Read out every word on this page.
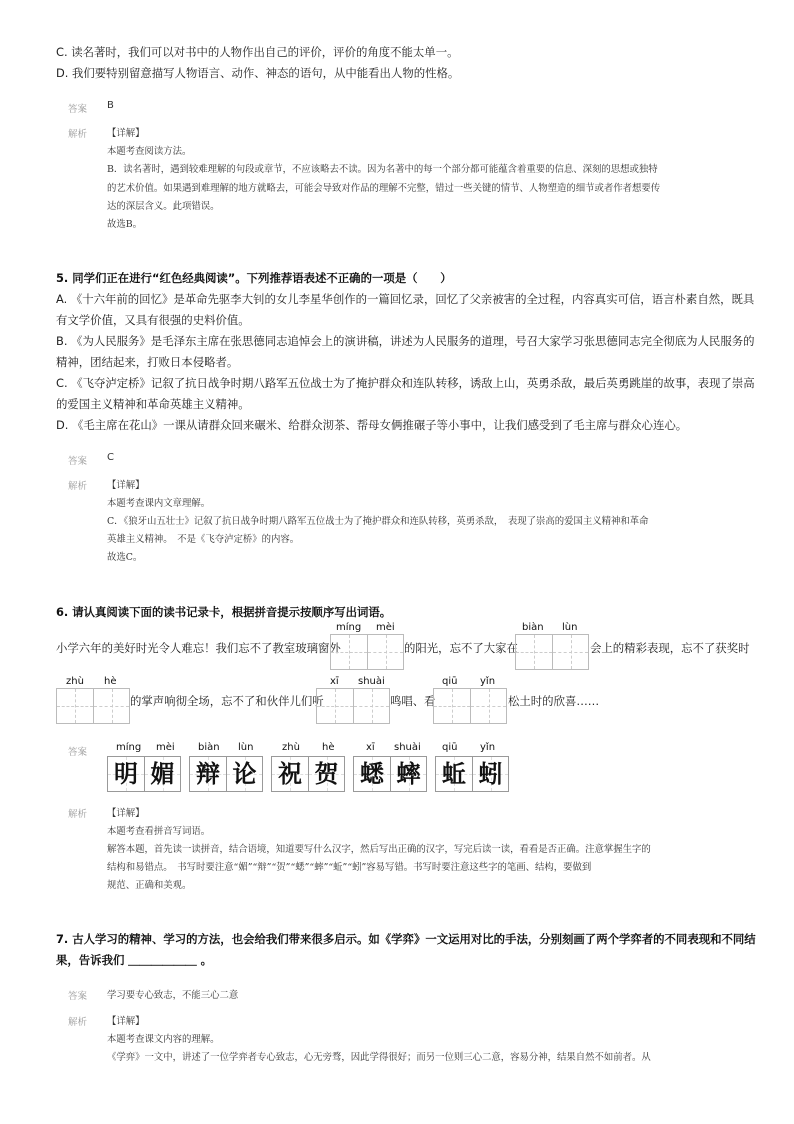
C. 读名著时，我们可以对书中的人物作出自己的评价，评价的角度不能太单一。
D. 我们要特别留意描写人物语言、动作、神态的语句，从中能看出人物的性格。
答案 B
解析 【详解】
本题考查阅读方法。
B．读名著时，遇到较难理解的句段或章节，不应该略去不读。因为名著中的每一个部分都可能蕴含着重要的信息、深刻的思想或独特
的艺术价值。如果遇到难理解的地方就略去，可能会导致对作品的理解不完整，错过一些关键的情节、人物塑造的细节或者作者想要传
达的深层含义。此项错误。
故选B。
5. 同学们正在进行“红色经典阅读”。下列推荐语表述不正确的一项是（　　）
A. 《十六年前的回忆》是革命先驱李大钊的女儿李星华创作的一篇回忆录，回忆了父亲被害的全过程，内容真实可信，语言朴素自然，既具
有文学价值，又具有很强的史料价值。
B. 《为人民服务》是毛泽东主席在张思德同志追悼会上的演讲稿，讲述为人民服务的道理，号召大家学习张思德同志完全彻底为人民服务的
精神，团结起来，打败日本侵略者。
C. 《飞夺泸定桥》记叙了抗日战争时期八路军五位战士为了掩护群众和连队转移，诱敌上山，英勇杀敌，最后英勇跳崖的故事，表现了崇高
的爱国主义精神和革命英雄主义精神。
D. 《毛主席在花山》一课从请群众回来碾米、给群众沏茶、帮母女俩推碾子等小事中，让我们感受到了毛主席与群众心连心。
答案 C
解析 【详解】
本题考查课内文章理解。
C．《狼牙山五壮士》记叙了抗日战争时期八路军五位战士为了掩护群众和连队转移，英勇杀敌，　表现了崇高的爱国主义精神和革命
英雄主义精神。　不是《飞夺泸定桥》的内容。
故选C。
6. 请认真阅读下面的读书记录卡，根据拼音提示按顺序写出词语。
míng mèi	biàn lùn
小学六年的美好时光令人难忘！我们忘不了教室玻璃窗外	的阳光，忘不了大家在	会上的精彩表现，忘不了获奖时
zhù hè	xī shuài	qiū yǐn
的掌声响彻全场，忘不了和伙伴儿们听	鸣唱、看	松土时的欣喜……
答案	míng mèi biàn lùn	zhù hè	xī shuài qiū yǐn
明 媚 辩 论 祝 贺 蟋 蟀 蚯 蚓
解析 【详解】
本题考查看拼音写词语。
解答本题，首先读一读拼音，结合语境，知道要写什么汉字，然后写出正确的汉字，写完后读一读，看看是否正确。注意掌握生字的
结构和易错点。　书写时要注意“媚”“辩”“贺”“蟋”“蟀”“蚯”“蚓”容易写错。书写时要注意这些字的笔画、结构，要做到
规范、正确和美观。
7. 古人学习的精神、学习的方法，也会给我们带来很多启示。如《学弈》一文运用对比的手法，分别刻画了两个学弈者的不同表现和不同结
果，告诉我们 ＿＿＿＿＿＿ 。
答案 学习要专心致志，不能三心二意
解析 【详解】
本题考查课文内容的理解。
《学弈》一文中，讲述了一位学弈者专心致志，心无旁骛，因此学得很好；而另一位则三心二意，容易分神，结果自然不如前者。从
